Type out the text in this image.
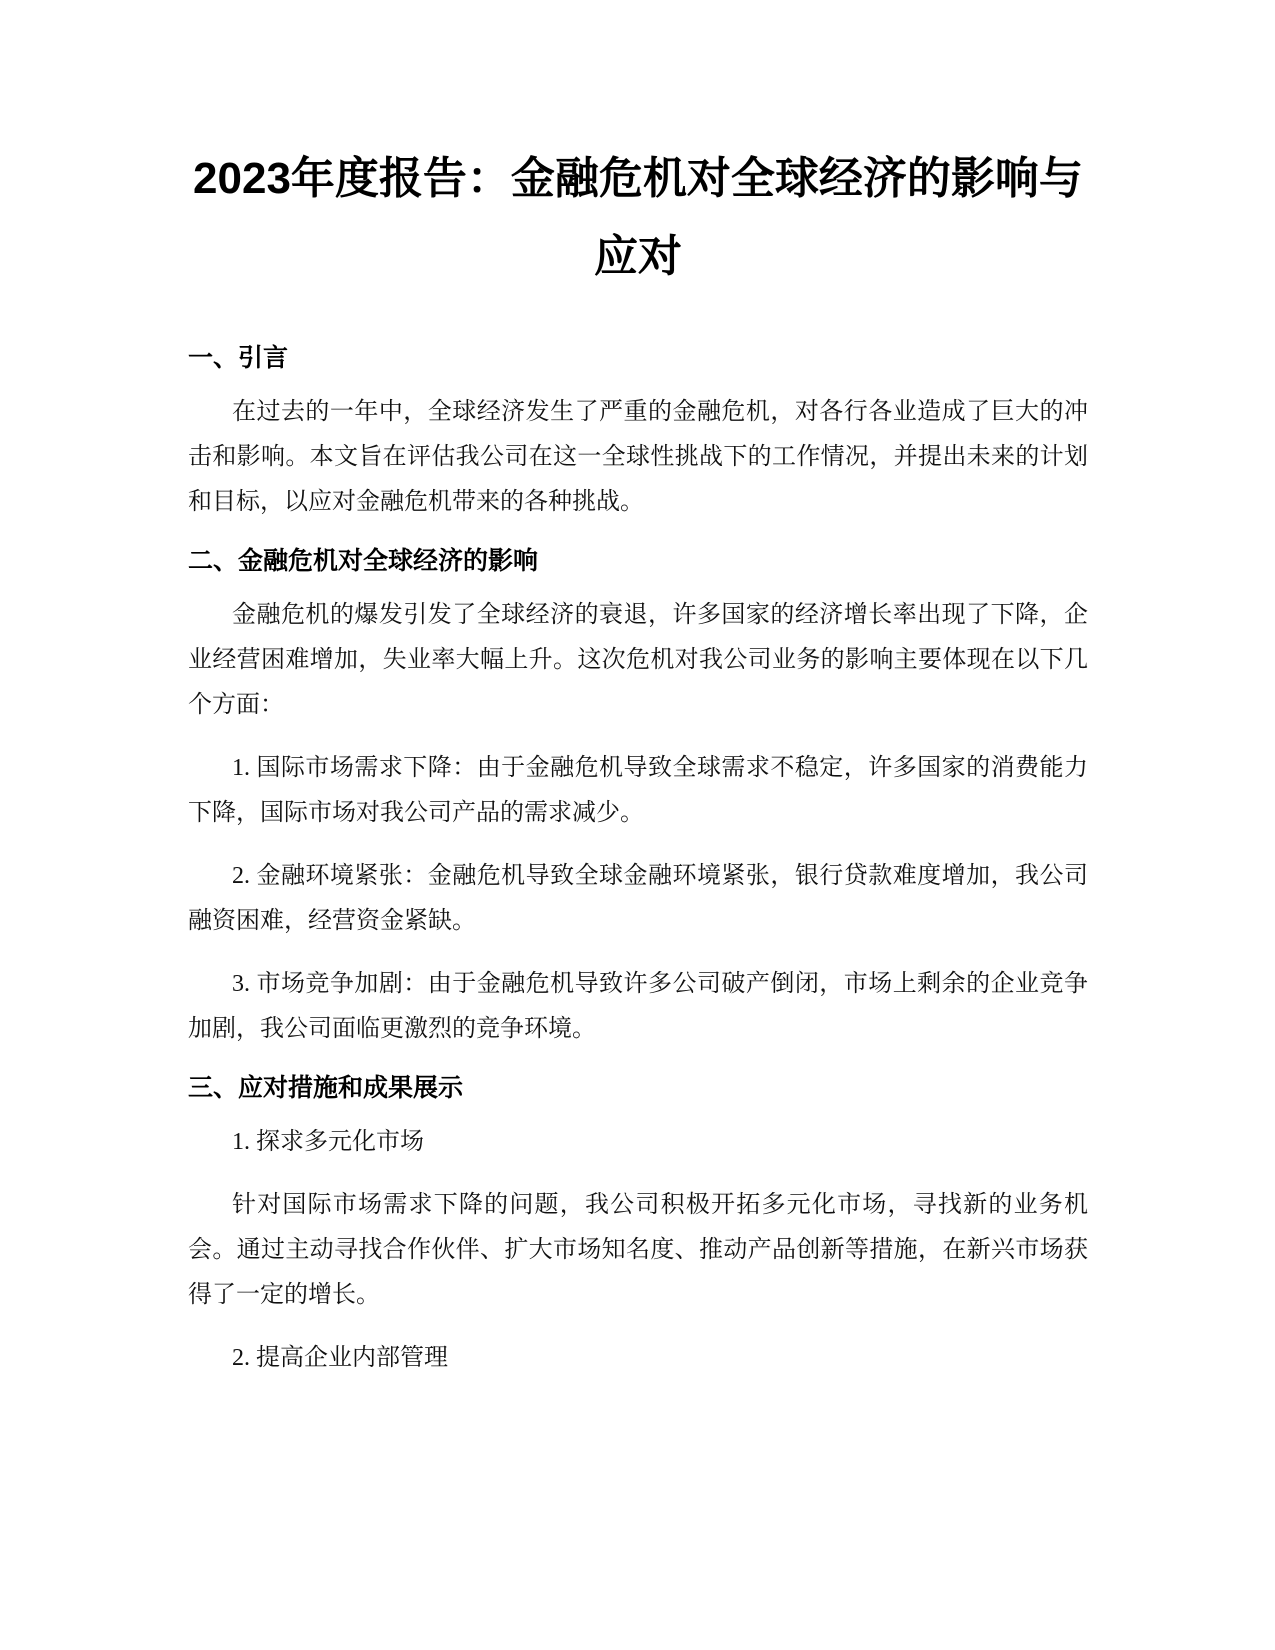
2023年度报告：金融危机对全球经济的影响与应对
一、引言

在过去的一年中，全球经济发生了严重的金融危机，对各行各业造成了巨大的冲击和影响。本文旨在评估我公司在这一全球性挑战下的工作情况，并提出未来的计划和目标，以应对金融危机带来的各种挑战。

二、金融危机对全球经济的影响

金融危机的爆发引发了全球经济的衰退，许多国家的经济增长率出现了下降，企业经营困难增加，失业率大幅上升。这次危机对我公司业务的影响主要体现在以下几个方面：

1. 国际市场需求下降：由于金融危机导致全球需求不稳定，许多国家的消费能力下降，国际市场对我公司产品的需求减少。

2. 金融环境紧张：金融危机导致全球金融环境紧张，银行贷款难度增加，我公司融资困难，经营资金紧缺。

3. 市场竞争加剧：由于金融危机导致许多公司破产倒闭，市场上剩余的企业竞争加剧，我公司面临更激烈的竞争环境。

三、应对措施和成果展示

1. 探求多元化市场

针对国际市场需求下降的问题，我公司积极开拓多元化市场，寻找新的业务机会。通过主动寻找合作伙伴、扩大市场知名度、推动产品创新等措施，在新兴市场获得了一定的增长。

2. 提高企业内部管理
